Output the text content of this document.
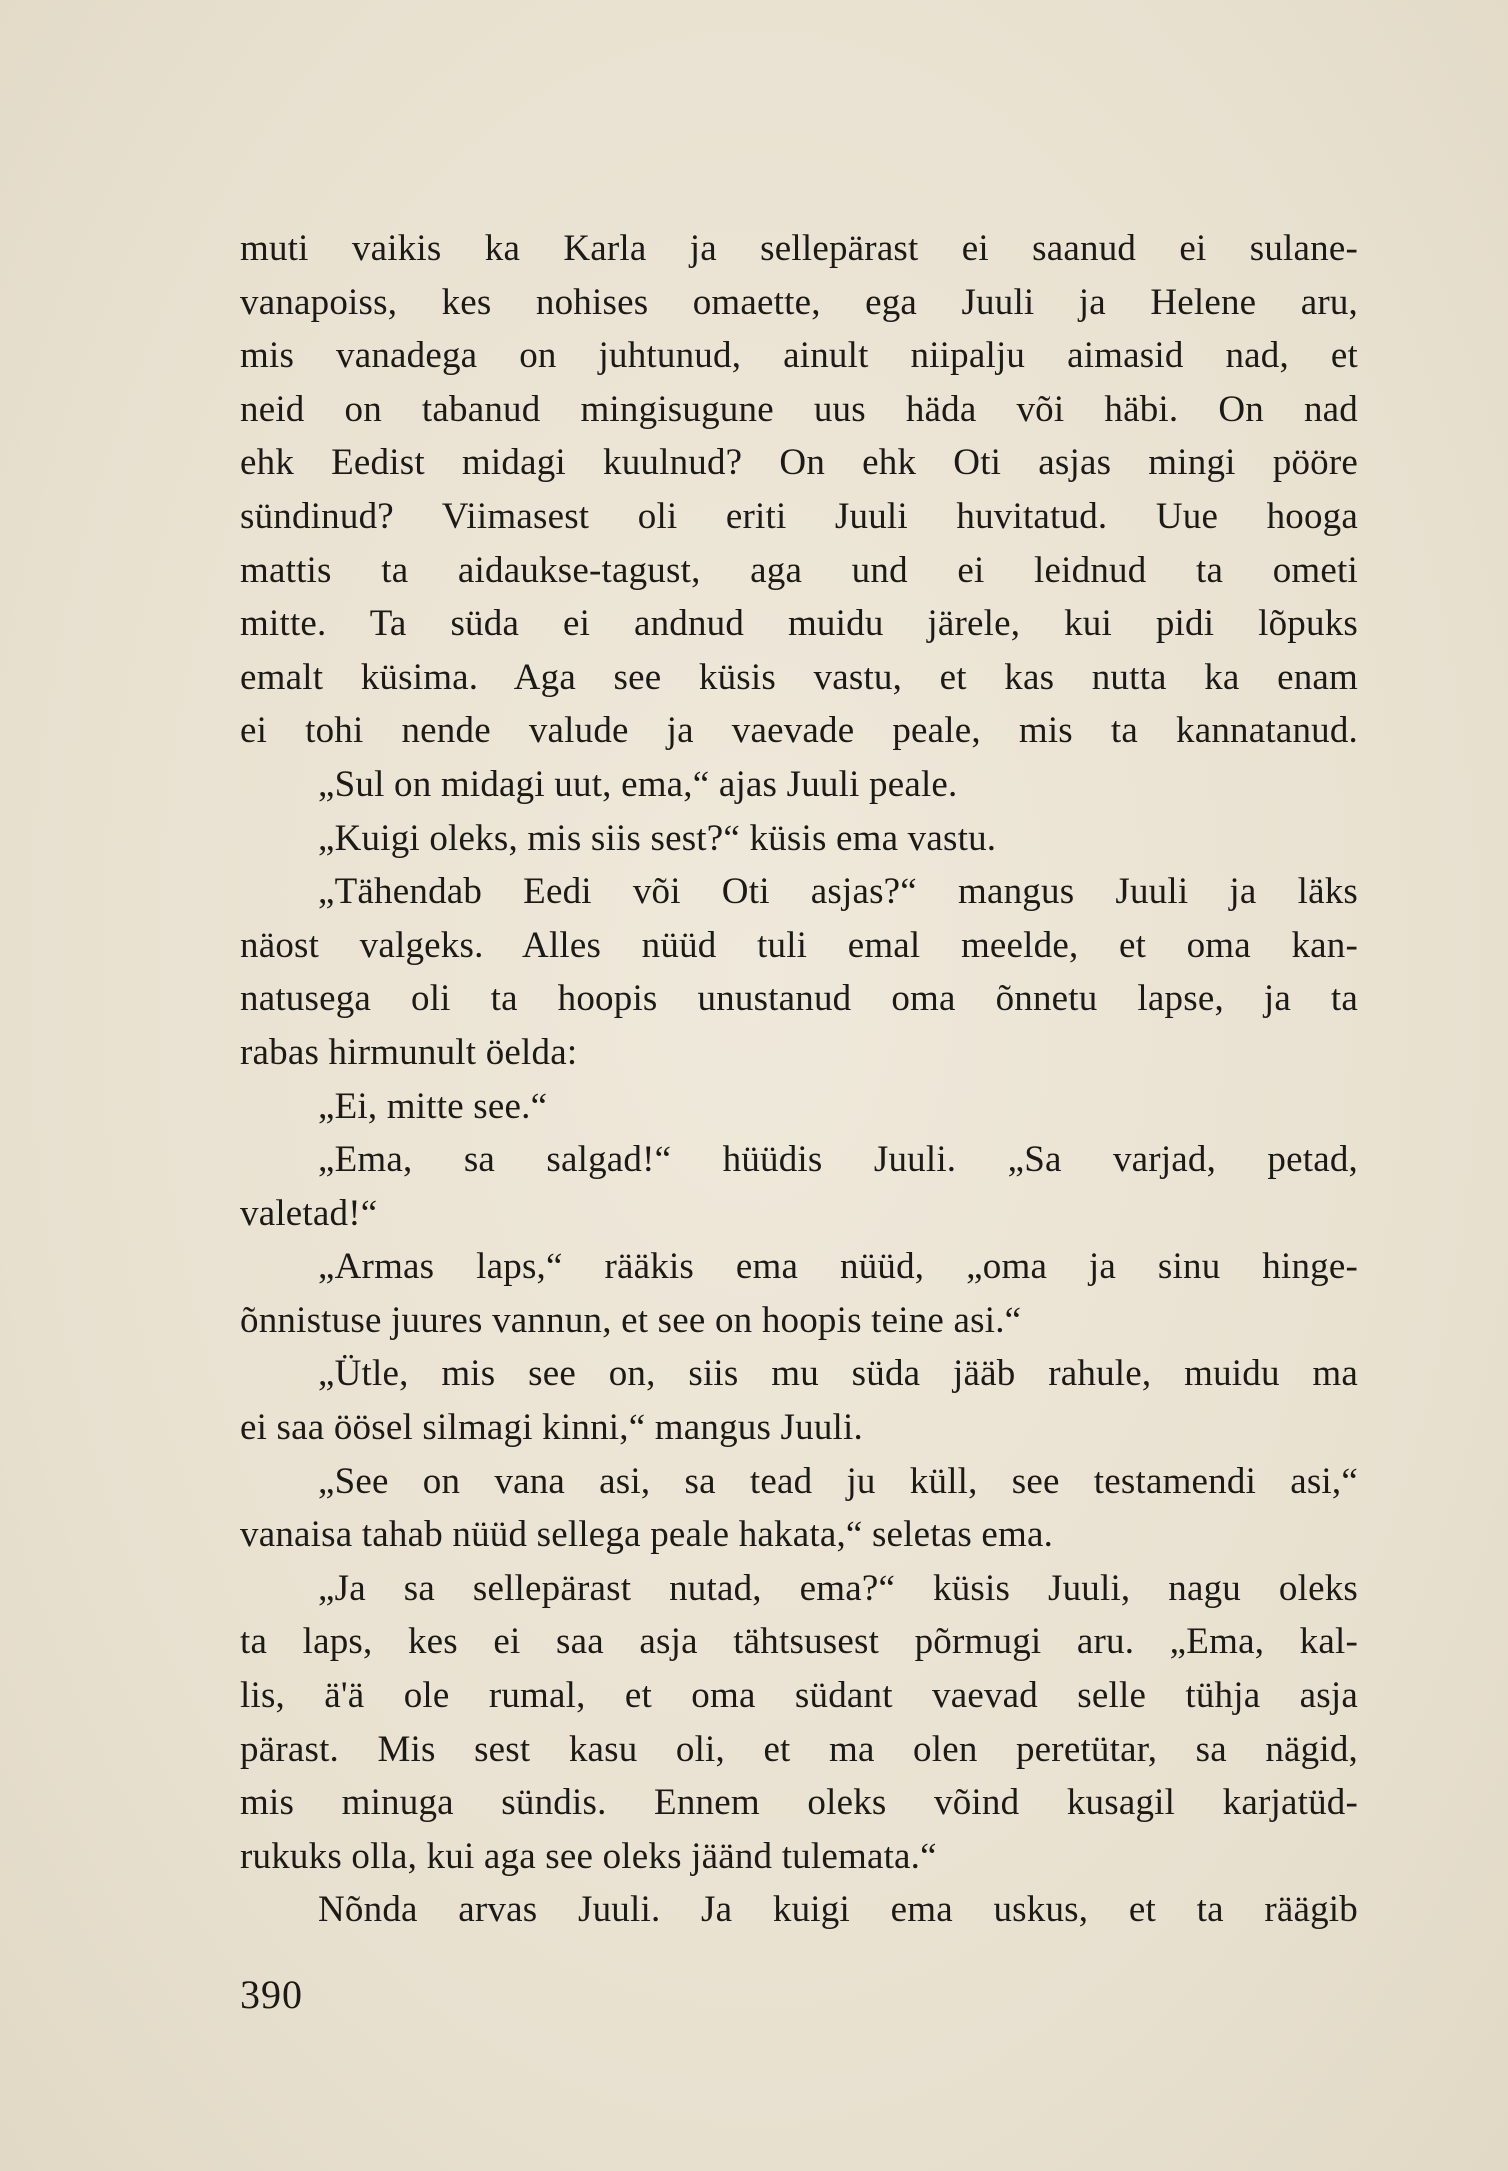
muti vaikis ka Karla ja sellepärast ei saanud ei sulane-
vanapoiss, kes nohises omaette, ega Juuli ja Helene aru,
mis vanadega on juhtunud, ainult niipalju aimasid nad, et
neid on tabanud mingisugune uus häda või häbi. On nad
ehk Eedist midagi kuulnud? On ehk Oti asjas mingi pööre
sündinud? Viimasest oli eriti Juuli huvitatud. Uue hooga
mattis ta aidaukse-tagust, aga und ei leidnud ta ometi
mitte. Ta süda ei andnud muidu järele, kui pidi lõpuks
emalt küsima. Aga see küsis vastu, et kas nutta ka enam
ei tohi nende valude ja vaevade peale, mis ta kannatanud.
„Sul on midagi uut, ema,“ ajas Juuli peale.
„Kuigi oleks, mis siis sest?“ küsis ema vastu.
„Tähendab Eedi või Oti asjas?“ mangus Juuli ja läks
näost valgeks. Alles nüüd tuli emal meelde, et oma kan-
natusega oli ta hoopis unustanud oma õnnetu lapse, ja ta
rabas hirmunult öelda:
„Ei, mitte see.“
„Ema, sa salgad!“ hüüdis Juuli. „Sa varjad, petad,
valetad!“
„Armas laps,“ rääkis ema nüüd, „oma ja sinu hinge-
õnnistuse juures vannun, et see on hoopis teine asi.“
„Ütle, mis see on, siis mu süda jääb rahule, muidu ma
ei saa öösel silmagi kinni,“ mangus Juuli.
„See on vana asi, sa tead ju küll, see testamendi asi,“
vanaisa tahab nüüd sellega peale hakata,“ seletas ema.
„Ja sa sellepärast nutad, ema?“ küsis Juuli, nagu oleks
ta laps, kes ei saa asja tähtsusest põrmugi aru. „Ema, kal-
lis, ä'ä ole rumal, et oma südant vaevad selle tühja asja
pärast. Mis sest kasu oli, et ma olen peretütar, sa nägid,
mis minuga sündis. Ennem oleks võind kusagil karjatüd-
rukuks olla, kui aga see oleks jäänd tulemata.“
Nõnda arvas Juuli. Ja kuigi ema uskus, et ta räägib
390
